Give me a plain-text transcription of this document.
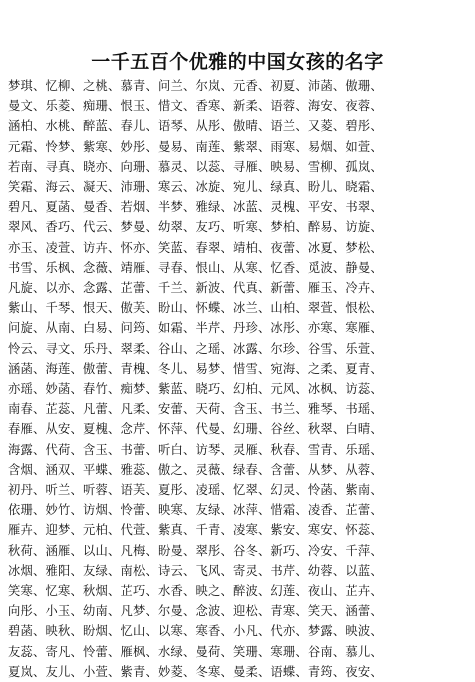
一千五百个优雅的中国女孩的名字
梦琪、忆柳、之桃、慕青、问兰、尔岚、元香、初夏、沛菡、傲珊、
曼文、乐菱、痴珊、恨玉、惜文、香寒、新柔、语蓉、海安、夜蓉、
涵柏、水桃、醉蓝、春儿、语琴、从彤、傲晴、语兰、又菱、碧彤、
元霜、怜梦、紫寒、妙彤、曼易、南莲、紫翠、雨寒、易烟、如萱、
若南、寻真、晓亦、向珊、慕灵、以蕊、寻雁、映易、雪柳、孤岚、
笑霜、海云、凝天、沛珊、寒云、冰旋、宛儿、绿真、盼儿、晓霜、
碧凡、夏菡、曼香、若烟、半梦、雅绿、冰蓝、灵槐、平安、书翠、
翠风、香巧、代云、梦曼、幼翠、友巧、听寒、梦柏、醉易、访旋、
亦玉、凌萱、访卉、怀亦、笑蓝、春翠、靖柏、夜蕾、冰夏、梦松、
书雪、乐枫、念薇、靖雁、寻春、恨山、从寒、忆香、觅波、静曼、
凡旋、以亦、念露、芷蕾、千兰、新波、代真、新蕾、雁玉、冷卉、
紫山、千琴、恨天、傲芙、盼山、怀蝶、冰兰、山柏、翠萱、恨松、
问旋、从南、白易、问筠、如霜、半芹、丹珍、冰彤、亦寒、寒雁、
怜云、寻文、乐丹、翠柔、谷山、之瑶、冰露、尔珍、谷雪、乐萱、
涵菡、海莲、傲蕾、青槐、冬儿、易梦、惜雪、宛海、之柔、夏青、
亦瑶、妙菡、春竹、痴梦、紫蓝、晓巧、幻柏、元风、冰枫、访蕊、
南春、芷蕊、凡蕾、凡柔、安蕾、天荷、含玉、书兰、雅琴、书瑶、
春雁、从安、夏槐、念芹、怀萍、代曼、幻珊、谷丝、秋翠、白晴、
海露、代荷、含玉、书蕾、听白、访琴、灵雁、秋春、雪青、乐瑶、
含烟、涵双、平蝶、雅蕊、傲之、灵薇、绿春、含蕾、从梦、从蓉、
初丹、听兰、听蓉、语芙、夏彤、凌瑶、忆翠、幻灵、怜菡、紫南、
依珊、妙竹、访烟、怜蕾、映寒、友绿、冰萍、惜霜、凌香、芷蕾、
雁卉、迎梦、元柏、代萱、紫真、千青、凌寒、紫安、寒安、怀蕊、
秋荷、涵雁、以山、凡梅、盼曼、翠彤、谷冬、新巧、冷安、千萍、
冰烟、雅阳、友绿、南松、诗云、飞风、寄灵、书芹、幼蓉、以蓝、
笑寒、忆寒、秋烟、芷巧、水香、映之、醉波、幻莲、夜山、芷卉、
向彤、小玉、幼南、凡梦、尔曼、念波、迎松、青寒、笑天、涵蕾、
碧菡、映秋、盼烟、忆山、以寒、寒香、小凡、代亦、梦露、映波、
友蕊、寄凡、怜蕾、雁枫、水绿、曼荷、笑珊、寒珊、谷南、慕儿、
夏岚、友儿、小萱、紫青、妙菱、冬寒、曼柔、语蝶、青筠、夜安、
